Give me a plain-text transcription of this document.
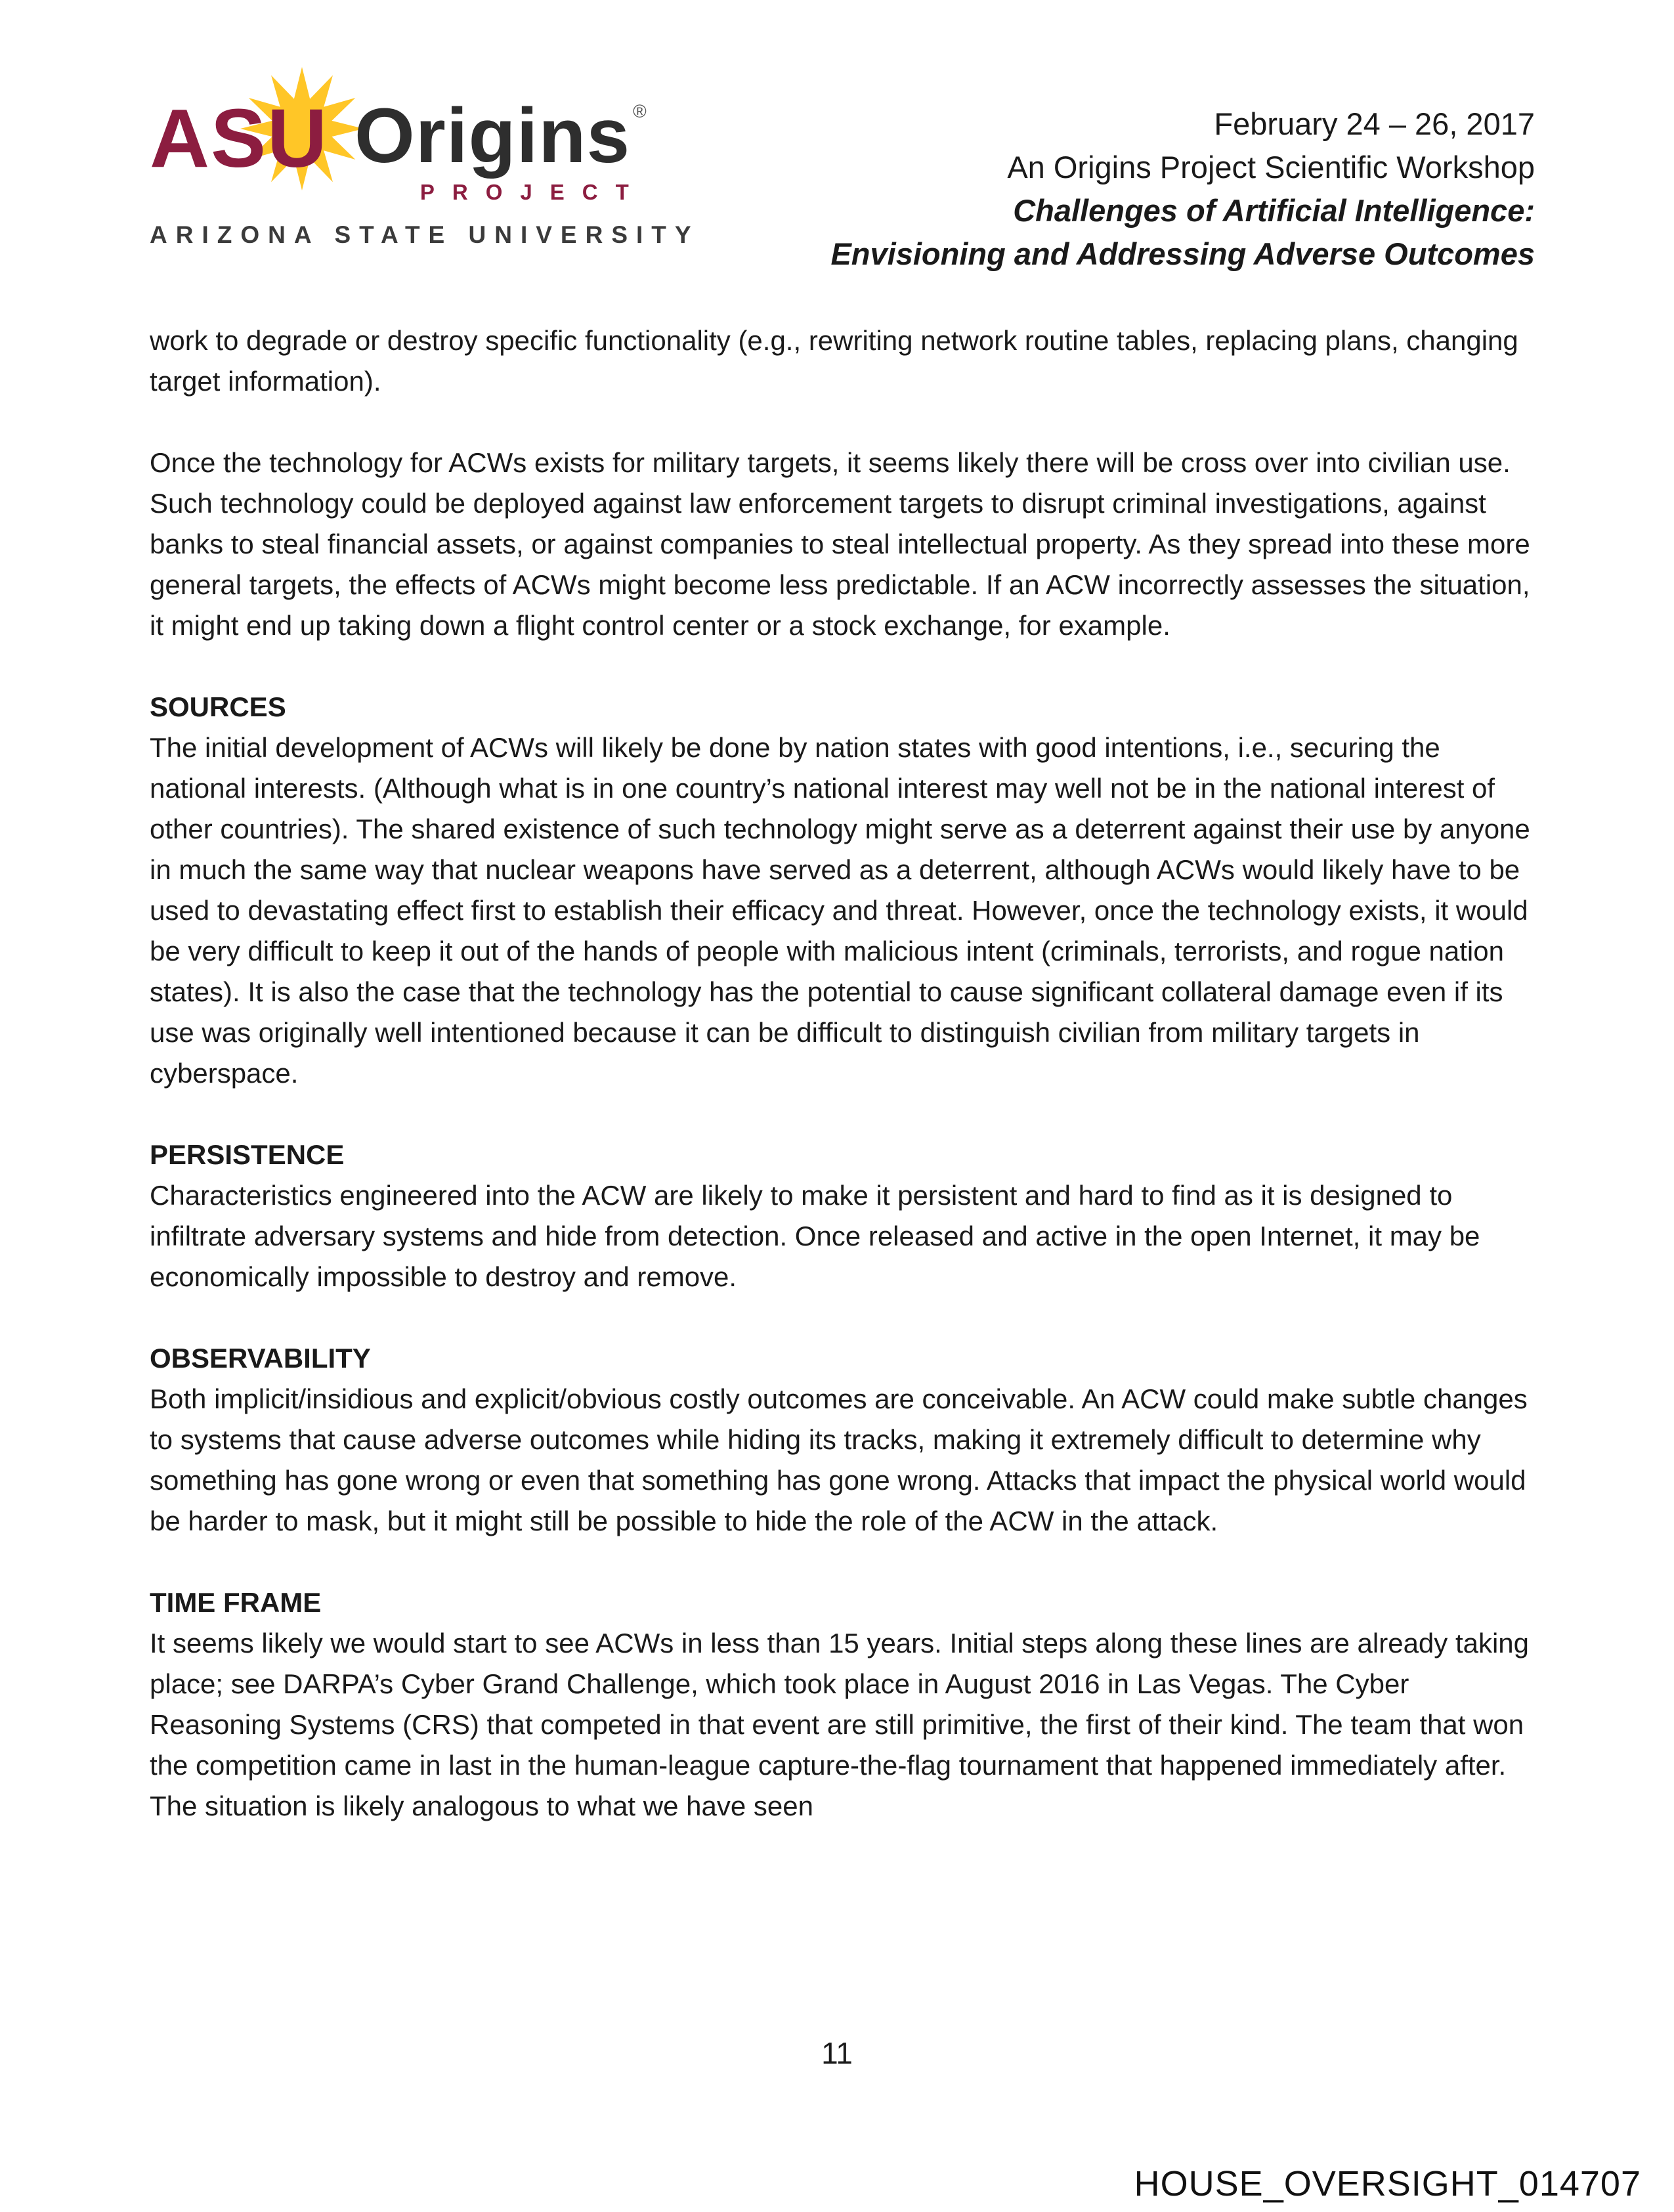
ASU Origins ®
PROJECT
ARIZONA STATE UNIVERSITY
February 24 – 26, 2017
An Origins Project Scientific Workshop
Challenges of Artificial Intelligence:
Envisioning and Addressing Adverse Outcomes

work to degrade or destroy specific functionality (e.g., rewriting network routine tables, replacing plans, changing target information).

Once the technology for ACWs exists for military targets, it seems likely there will be cross over into civilian use. Such technology could be deployed against law enforcement targets to disrupt criminal investigations, against banks to steal financial assets, or against companies to steal intellectual property. As they spread into these more general targets, the effects of ACWs might become less predictable. If an ACW incorrectly assesses the situation, it might end up taking down a flight control center or a stock exchange, for example.

SOURCES

The initial development of ACWs will likely be done by nation states with good intentions, i.e., securing the national interests. (Although what is in one country’s national interest may well not be in the national interest of other countries). The shared existence of such technology might serve as a deterrent against their use by anyone in much the same way that nuclear weapons have served as a deterrent, although ACWs would likely have to be used to devastating effect first to establish their efficacy and threat. However, once the technology exists, it would be very difficult to keep it out of the hands of people with malicious intent (criminals, terrorists, and rogue nation states). It is also the case that the technology has the potential to cause significant collateral damage even if its use was originally well intentioned because it can be difficult to distinguish civilian from military targets in cyberspace.

PERSISTENCE

Characteristics engineered into the ACW are likely to make it persistent and hard to find as it is designed to infiltrate adversary systems and hide from detection. Once released and active in the open Internet, it may be economically impossible to destroy and remove.

OBSERVABILITY

Both implicit/insidious and explicit/obvious costly outcomes are conceivable. An ACW could make subtle changes to systems that cause adverse outcomes while hiding its tracks, making it extremely difficult to determine why something has gone wrong or even that something has gone wrong. Attacks that impact the physical world would be harder to mask, but it might still be possible to hide the role of the ACW in the attack.

TIME FRAME

It seems likely we would start to see ACWs in less than 15 years. Initial steps along these lines are already taking place; see DARPA’s Cyber Grand Challenge, which took place in August 2016 in Las Vegas. The Cyber Reasoning Systems (CRS) that competed in that event are still primitive, the first of their kind. The team that won the competition came in last in the human-league capture-the-flag tournament that happened immediately after. The situation is likely analogous to what we have seen

11
HOUSE_OVERSIGHT_014707
